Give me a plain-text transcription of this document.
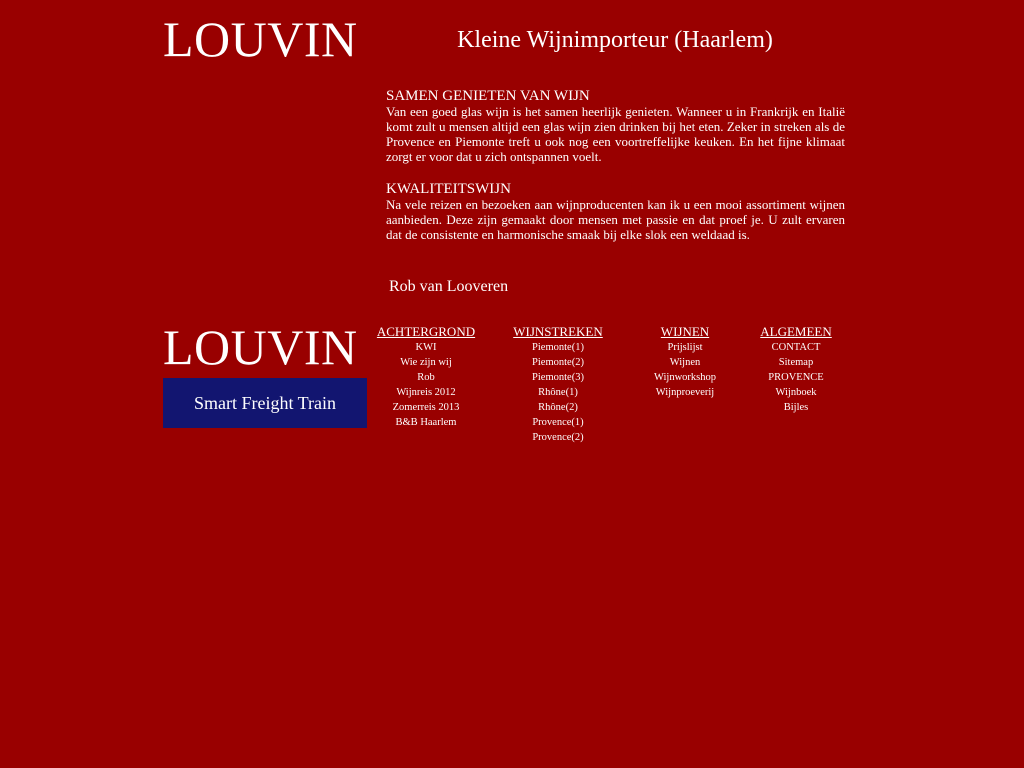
LOUVIN	Kleine Wijnimporteur (Haarlem)
SAMEN GENIETEN VAN WIJN

Van een goed glas wijn is het samen heerlijk genieten. Wanneer u in Frankrijk en Italië komt zult u mensen altijd een glas wijn zien drinken bij het eten. Zeker in streken als de Provence en Piemonte treft u ook nog een voortreffelijke keuken. En het fijne klimaat zorgt er voor dat u zich ontspannen voelt.

KWALITEITSWIJN

Na vele reizen en bezoeken aan wijnproducenten kan ik u een mooi assortiment wijnen aanbieden. Deze zijn gemaakt door mensen met passie en dat proef je. U zult ervaren dat de consistente en harmonische smaak bij elke slok een weldaad is.

Rob van Looveren
LOUVIN
Smart Freight Train
ACHTERGROND
KWI
Wie zijn wij
Rob
Wijnreis 2012
Zomerreis 2013
B&B Haarlem
WIJNSTREKEN
Piemonte(1)
Piemonte(2)
Piemonte(3)
Rhône(1)
Rhône(2)
Provence(1)
Provence(2)
WIJNEN
Prijslijst
Wijnen
Wijnworkshop
Wijnproeverij
ALGEMEEN
CONTACT
Sitemap
PROVENCE
Wijnboek
Bijles
